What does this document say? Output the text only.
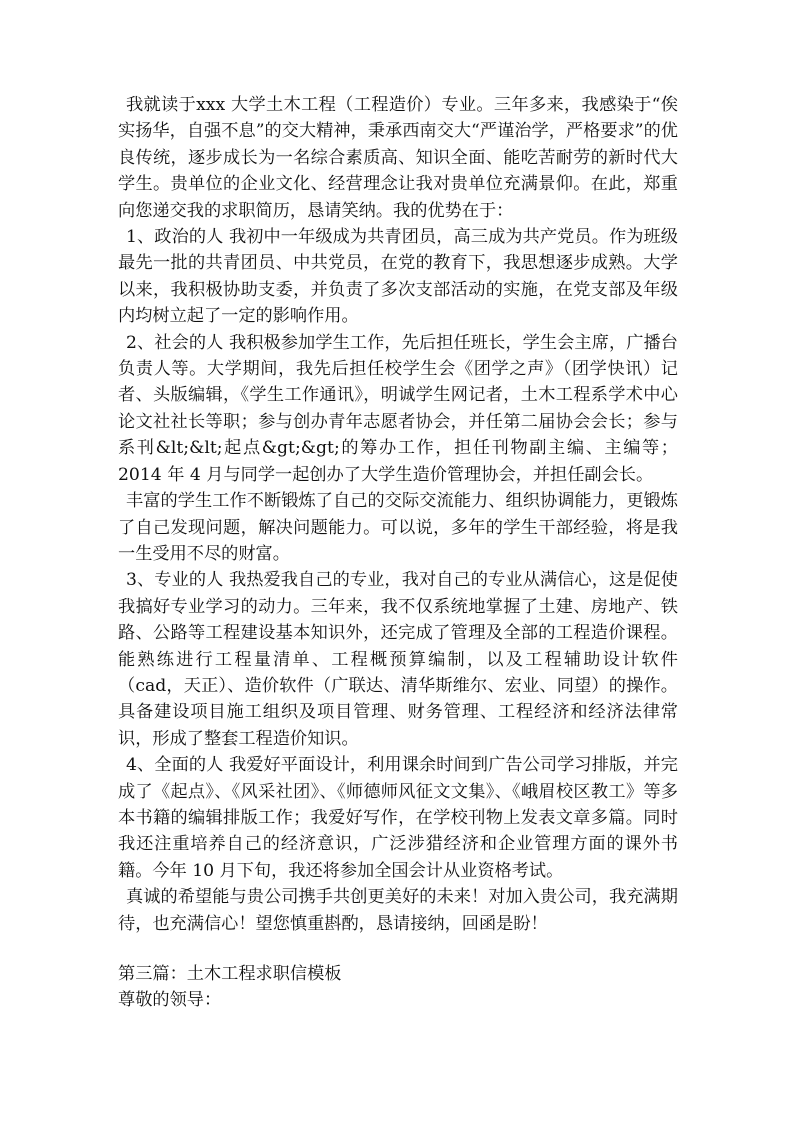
我就读于xxx 大学土木工程（工程造价）专业。三年多来，我感染于“俟实扬华，自强不息”的交大精神，秉承西南交大“严谨治学，严格要求”的优良传统，逐步成长为一名综合素质高、知识全面、能吃苦耐劳的新时代大学生。贵单位的企业文化、经营理念让我对贵单位充满景仰。在此，郑重向您递交我的求职简历，恳请笑纳。我的优势在于：

1、政治的人 我初中一年级成为共青团员，高三成为共产党员。作为班级最先一批的共青团员、中共党员，在党的教育下，我思想逐步成熟。大学以来，我积极协助支委，并负责了多次支部活动的实施，在党支部及年级内均树立起了一定的影响作用。

2、社会的人 我积极参加学生工作，先后担任班长，学生会主席，广播台负责人等。大学期间，我先后担任校学生会《团学之声》（团学快讯）记者、头版编辑，《学生工作通讯》，明诚学生网记者，土木工程系学术中心论文社社长等职；参与创办青年志愿者协会，并任第二届协会会长；参与系刊&lt;&lt;起点&gt;&gt;的筹办工作，担任刊物副主编、主编等；2014 年 4 月与同学一起创办了大学生造价管理协会，并担任副会长。

丰富的学生工作不断锻炼了自己的交际交流能力、组织协调能力，更锻炼了自己发现问题，解决问题能力。可以说，多年的学生干部经验，将是我一生受用不尽的财富。

3、专业的人 我热爱我自己的专业，我对自己的专业从满信心，这是促使我搞好专业学习的动力。三年来，我不仅系统地掌握了土建、房地产、铁路、公路等工程建设基本知识外，还完成了管理及全部的工程造价课程。能熟练进行工程量清单、工程概预算编制，以及工程辅助设计软件（cad，天正）、造价软件（广联达、清华斯维尔、宏业、同望）的操作。具备建设项目施工组织及项目管理、财务管理、工程经济和经济法律常识，形成了整套工程造价知识。

4、全面的人 我爱好平面设计，利用课余时间到广告公司学习排版，并完成了《起点》、《风采社团》、《师德师风征文文集》、《峨眉校区教工》等多本书籍的编辑排版工作；我爱好写作，在学校刊物上发表文章多篇。同时我还注重培养自己的经济意识，广泛涉猎经济和企业管理方面的课外书籍。今年 10 月下旬，我还将参加全国会计从业资格考试。

真诚的希望能与贵公司携手共创更美好的未来！对加入贵公司，我充满期待，也充满信心！望您慎重斟酌，恳请接纳，回函是盼！

第三篇：土木工程求职信模板

尊敬的领导：
